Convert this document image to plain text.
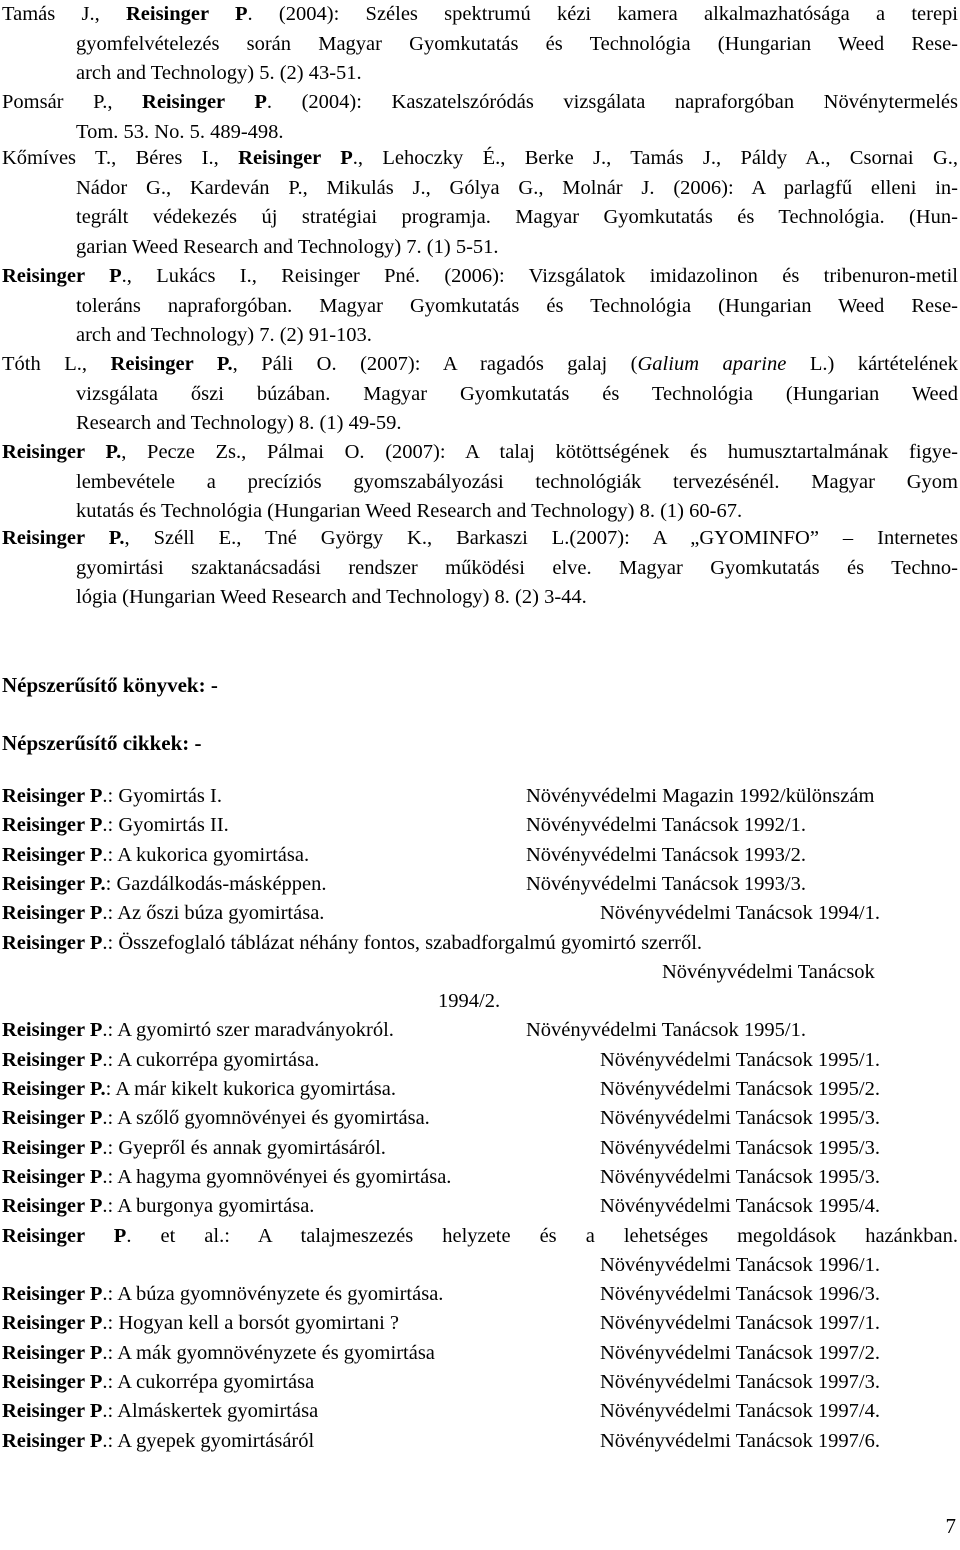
Tamás J., Reisinger P. (2004): Széles spektrumú kézi kamera alkalmazhatósága a terepi
gyomfelvételezés során Magyar Gyomkutatás és Technológia (Hungarian Weed Rese-
arch and Technology) 5. (2) 43-51.
Pomsár P., Reisinger P. (2004): Kaszatelszóródás vizsgálata napraforgóban Növénytermelés
Tom. 53. No. 5. 489-498.
Kőmíves T., Béres I., Reisinger P., Lehoczky É., Berke J., Tamás J., Páldy A., Csornai G.,
Nádor G., Kardeván P., Mikulás J., Gólya G., Molnár J. (2006): A parlagfű elleni in-
tegrált védekezés új stratégiai programja. Magyar Gyomkutatás és Technológia. (Hun-
garian Weed Research and Technology) 7. (1) 5-51.
Reisinger P., Lukács I., Reisinger Pné. (2006): Vizsgálatok imidazolinon és tribenuron-metil
toleráns napraforgóban. Magyar Gyomkutatás és Technológia (Hungarian Weed Rese-
arch and Technology) 7. (2) 91-103.
Tóth L., Reisinger P., Páli O. (2007): A ragadós galaj (Galium aparine L.) kártételének
vizsgálata őszi búzában. Magyar Gyomkutatás és Technológia (Hungarian Weed
Research and Technology) 8. (1) 49-59.
Reisinger P., Pecze Zs., Pálmai O. (2007): A talaj kötöttségének és humusztartalmának figye-
lembevétele a precíziós gyomszabályozási technológiák tervezésénél. Magyar Gyom
kutatás és Technológia (Hungarian Weed Research and Technology) 8. (1) 60-67.
Reisinger P., Széll E., Tné György K., Barkaszi L.(2007): A „GYOMINFO” – Internetes
gyomirtási szaktanácsadási rendszer működési elve. Magyar Gyomkutatás és Techno-
lógia (Hungarian Weed Research and Technology) 8. (2) 3-44.
Népszerűsítő könyvek: -
Népszerűsítő cikkek: -
Reisinger P.: Gyomirtás I.	Növényvédelmi Magazin 1992/különszám
Reisinger P.: Gyomirtás II.	Növényvédelmi Tanácsok 1992/1.
Reisinger P.: A kukorica gyomirtása.	Növényvédelmi Tanácsok 1993/2.
Reisinger P.: Gazdálkodás-másképpen.	Növényvédelmi Tanácsok 1993/3.
Reisinger P.: Az őszi búza gyomirtása.	Növényvédelmi Tanácsok 1994/1.
Reisinger P.: Összefoglaló táblázat néhány fontos, szabadforgalmú gyomirtó szerről.
Növényvédelmi Tanácsok
1994/2.
Reisinger P.: A gyomirtó szer maradványokról.	Növényvédelmi Tanácsok 1995/1.
Reisinger P.: A cukorrépa gyomirtása.	Növényvédelmi Tanácsok 1995/1.
Reisinger P.: A már kikelt kukorica gyomirtása.	Növényvédelmi Tanácsok 1995/2.
Reisinger P.: A szőlő gyomnövényei és gyomirtása.	Növényvédelmi Tanácsok 1995/3.
Reisinger P.: Gyepről és annak gyomirtásáról.	Növényvédelmi Tanácsok 1995/3.
Reisinger P.: A hagyma gyomnövényei és gyomirtása.	Növényvédelmi Tanácsok 1995/3.
Reisinger P.: A burgonya gyomirtása.	Növényvédelmi Tanácsok 1995/4.
Reisinger P. et al.: A talajmeszezés helyzete és a lehetséges megoldások hazánkban.
Növényvédelmi Tanácsok 1996/1.
Reisinger P.: A búza gyomnövényzete és gyomirtása.	Növényvédelmi Tanácsok 1996/3.
Reisinger P.: Hogyan kell a borsót gyomirtani ?	Növényvédelmi Tanácsok 1997/1.
Reisinger P.: A mák gyomnövényzete és gyomirtása	Növényvédelmi Tanácsok 1997/2.
Reisinger P.: A cukorrépa gyomirtása	Növényvédelmi Tanácsok 1997/3.
Reisinger P.: Almáskertek gyomirtása	Növényvédelmi Tanácsok 1997/4.
Reisinger P.: A gyepek gyomirtásáról	Növényvédelmi Tanácsok 1997/6.
7
